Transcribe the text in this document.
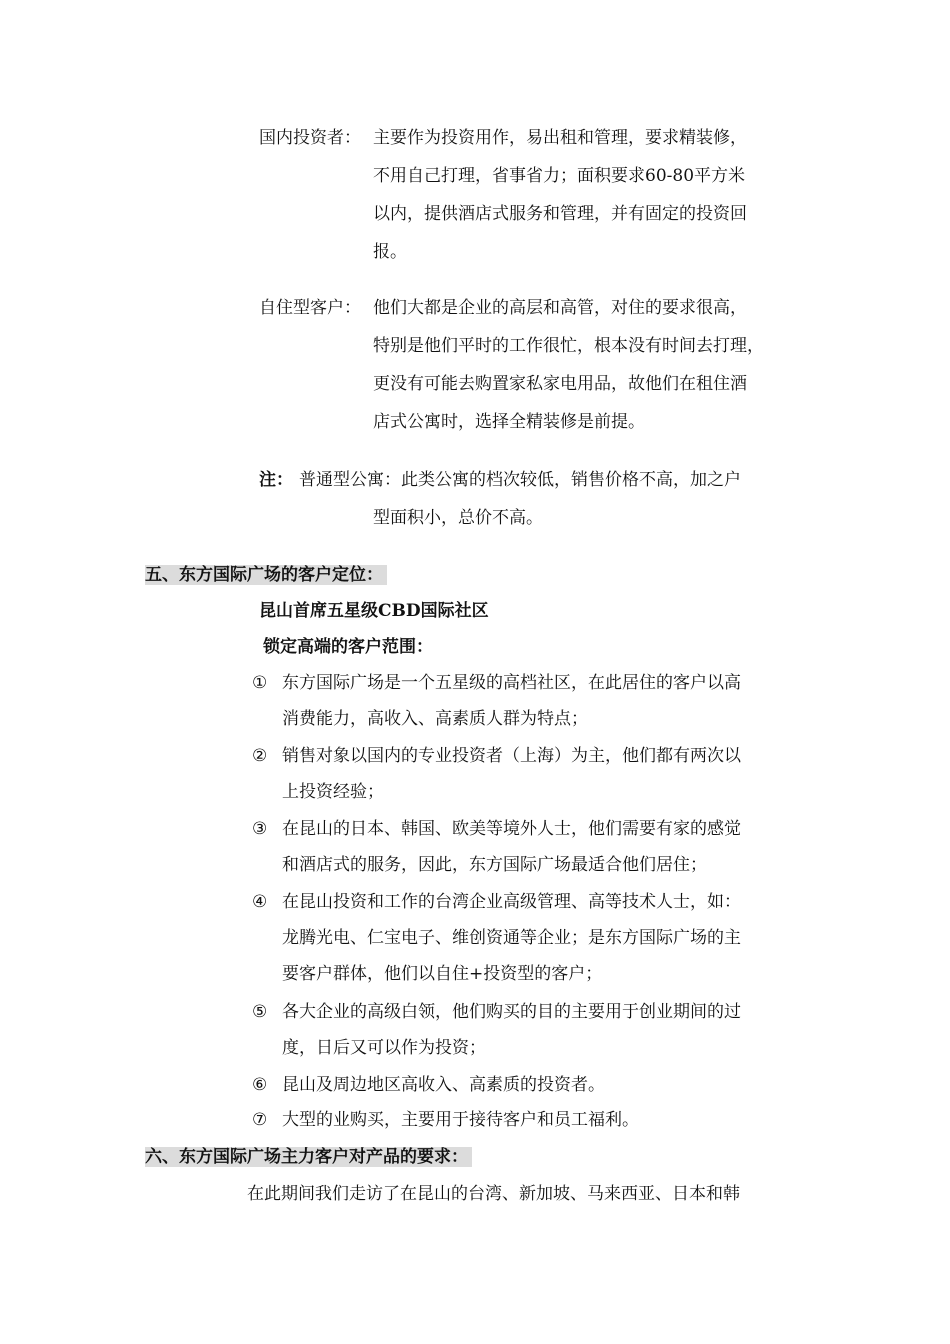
国内投资者： 主要作为投资用作，易出租和管理，要求精装修，
不用自己打理，省事省力；面积要求60-80平方米
以内，提供酒店式服务和管理，并有固定的投资回
报。
自住型客户： 他们大都是企业的高层和高管，对住的要求很高，
特别是他们平时的工作很忙，根本没有时间去打理，
更没有可能去购置家私家电用品，故他们在租住酒
店式公寓时，选择全精装修是前提。
注： 普通型公寓：此类公寓的档次较低，销售价格不高，加之户
型面积小，总价不高。
五、东方国际广场的客户定位：
昆山首席五星级CBD国际社区
锁定高端的客户范围：
① 东方国际广场是一个五星级的高档社区，在此居住的客户以高
消费能力，高收入、高素质人群为特点；
② 销售对象以国内的专业投资者（上海）为主，他们都有两次以
上投资经验；
③ 在昆山的日本、韩国、欧美等境外人士，他们需要有家的感觉
和酒店式的服务，因此，东方国际广场最适合他们居住；
④ 在昆山投资和工作的台湾企业高级管理、高等技术人士，如：
龙腾光电、仁宝电子、维创资通等企业；是东方国际广场的主
要客户群体，他们以自住+投资型的客户；
⑤ 各大企业的高级白领，他们购买的目的主要用于创业期间的过
度，日后又可以作为投资；
⑥ 昆山及周边地区高收入、高素质的投资者。
⑦ 大型的业购买，主要用于接待客户和员工福利。
六、东方国际广场主力客户对产品的要求：
在此期间我们走访了在昆山的台湾、新加坡、马来西亚、日本和韩
